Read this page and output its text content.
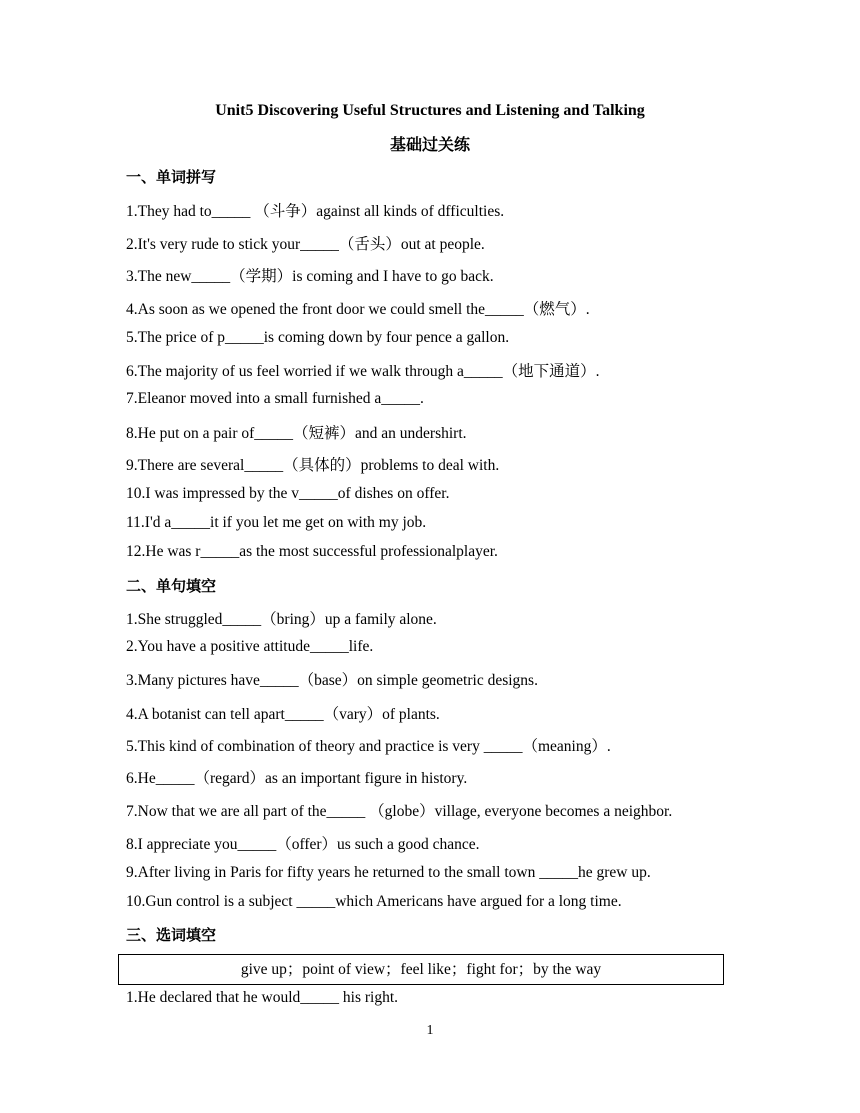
Unit5 Discovering Useful Structures and Listening and Talking
基础过关练
一、单词拼写
1.They had to_____ （斗争）against all kinds of dfficulties.
2.It's very rude to stick your_____（舌头）out at people.
3.The new_____（学期）is coming and I have to go back.
4.As soon as we opened the front door we could smell the_____（燃气）.
5.The price of p_____is coming down by four pence a gallon.
6.The majority of us feel worried if we walk through a_____（地下通道）.
7.Eleanor moved into a small furnished a_____.
8.He put on a pair of_____（短裤）and an undershirt.
9.There are several_____（具体的）problems to deal with.
10.I was impressed by the v_____of dishes on offer.
11.I'd a_____it if you let me get on with my job.
12.He was r_____as the most successful professionalplayer.
二、单句填空
1.She struggled_____（bring）up a family alone.
2.You have a positive attitude_____life.
3.Many pictures have_____（base）on simple geometric designs.
4.A botanist can tell apart_____（vary）of plants.
5.This kind of combination of theory and practice is very _____（meaning）.
6.He_____（regard）as an important figure in history.
7.Now that we are all part of the_____ （globe）village, everyone becomes a neighbor.
8.I appreciate you_____（offer）us such a good chance.
9.After living in Paris for fifty years he returned to the small town _____he grew up.
10.Gun control is a subject _____which Americans have argued for a long time.
三、选词填空
give up；point of view；feel like；fight for；by the way
1.He declared that he would_____ his right.
1
